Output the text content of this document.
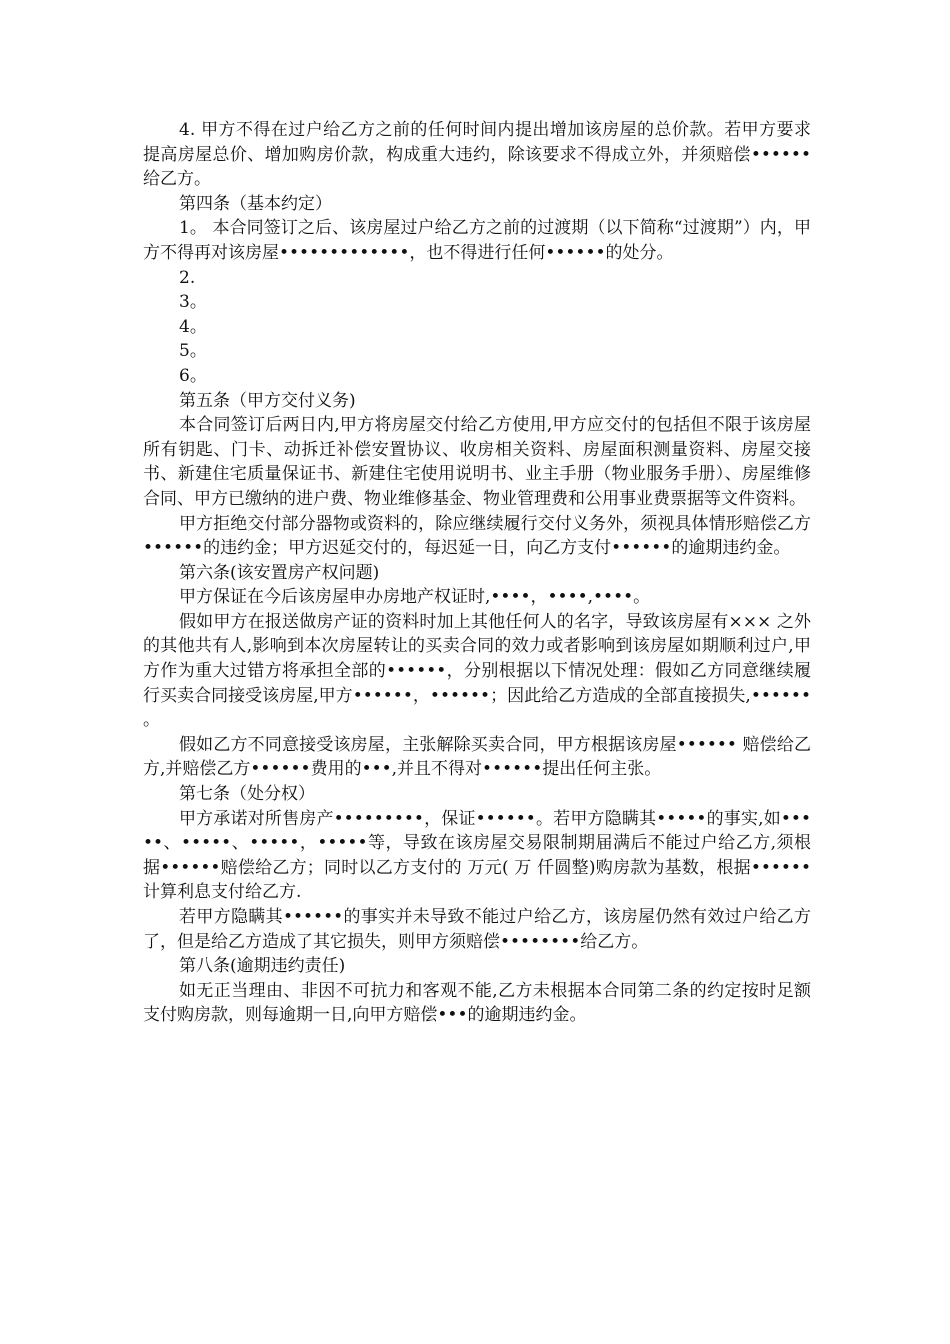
4. 甲方不得在过户给乙方之前的任何时间内提出增加该房屋的总价款。若甲方要求提高房屋总价、增加购房价款，构成重大违约，除该要求不得成立外，并须赔偿••••••给乙方。

第四条（基本约定）

1。 本合同签订之后、该房屋过户给乙方之前的过渡期（以下简称“过渡期”）内，甲方不得再对该房屋•••••••••••••，也不得进行任何••••••的处分。

2.

3。

4。

5。

6。

第五条（甲方交付义务)

本合同签订后两日内,甲方将房屋交付给乙方使用,甲方应交付的包括但不限于该房屋所有钥匙、门卡、动拆迁补偿安置协议、收房相关资料、房屋面积测量资料、房屋交接书、新建住宅质量保证书、新建住宅使用说明书、业主手册（物业服务手册）、房屋维修合同、甲方已缴纳的进户费、物业维修基金、物业管理费和公用事业费票据等文件资料。

甲方拒绝交付部分器物或资料的，除应继续履行交付义务外，须视具体情形赔偿乙方••••••的违约金；甲方迟延交付的，每迟延一日，向乙方支付••••••的逾期违约金。

第六条(该安置房产权问题)

甲方保证在今后该房屋申办房地产权证时,••••，••••,••••。

假如甲方在报送做房产证的资料时加上其他任何人的名字，导致该房屋有××× 之外的其他共有人,影响到本次房屋转让的买卖合同的效力或者影响到该房屋如期顺利过户,甲方作为重大过错方将承担全部的••••••，分别根据以下情况处理：假如乙方同意继续履行买卖合同接受该房屋,甲方••••••，••••••；因此给乙方造成的全部直接损失,•••••• 。

假如乙方不同意接受该房屋，主张解除买卖合同，甲方根据该房屋•••••• 赔偿给乙方,并赔偿乙方••••••费用的•••,并且不得对••••••提出任何主张。

第七条（处分权）

甲方承诺对所售房产•••••••••，保证••••••。若甲方隐瞒其•••••的事实,如•••••、•••••、•••••，•••••等，导致在该房屋交易限制期届满后不能过户给乙方,须根据••••••赔偿给乙方；同时以乙方支付的 万元( 万 仟圆整)购房款为基数，根据••••••计算利息支付给乙方.

若甲方隐瞒其••••••的事实并未导致不能过户给乙方，该房屋仍然有效过户给乙方了，但是给乙方造成了其它损失，则甲方须赔偿••••••••给乙方。

第八条(逾期违约责任)

如无正当理由、非因不可抗力和客观不能,乙方未根据本合同第二条的约定按时足额支付购房款，则每逾期一日,向甲方赔偿•••的逾期违约金。
